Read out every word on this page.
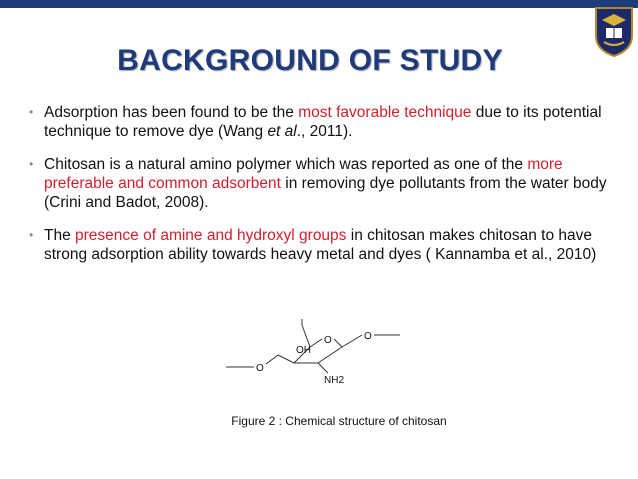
BACKGROUND OF STUDY
• Adsorption has been found to be the most favorable technique due to its potential technique to remove dye (Wang et al., 2011).
• Chitosan is a natural amino polymer which was reported as one of the more preferable and common adsorbent in removing dye pollutants from the water body (Crini and Badot, 2008).
• The presence of amine and hydroxyl groups in chitosan makes chitosan to have strong adsorption ability towards heavy metal and dyes ( Kannamba et al., 2010)
O	O
O
OH
NH2
Figure 2 : Chemical structure of chitosan
